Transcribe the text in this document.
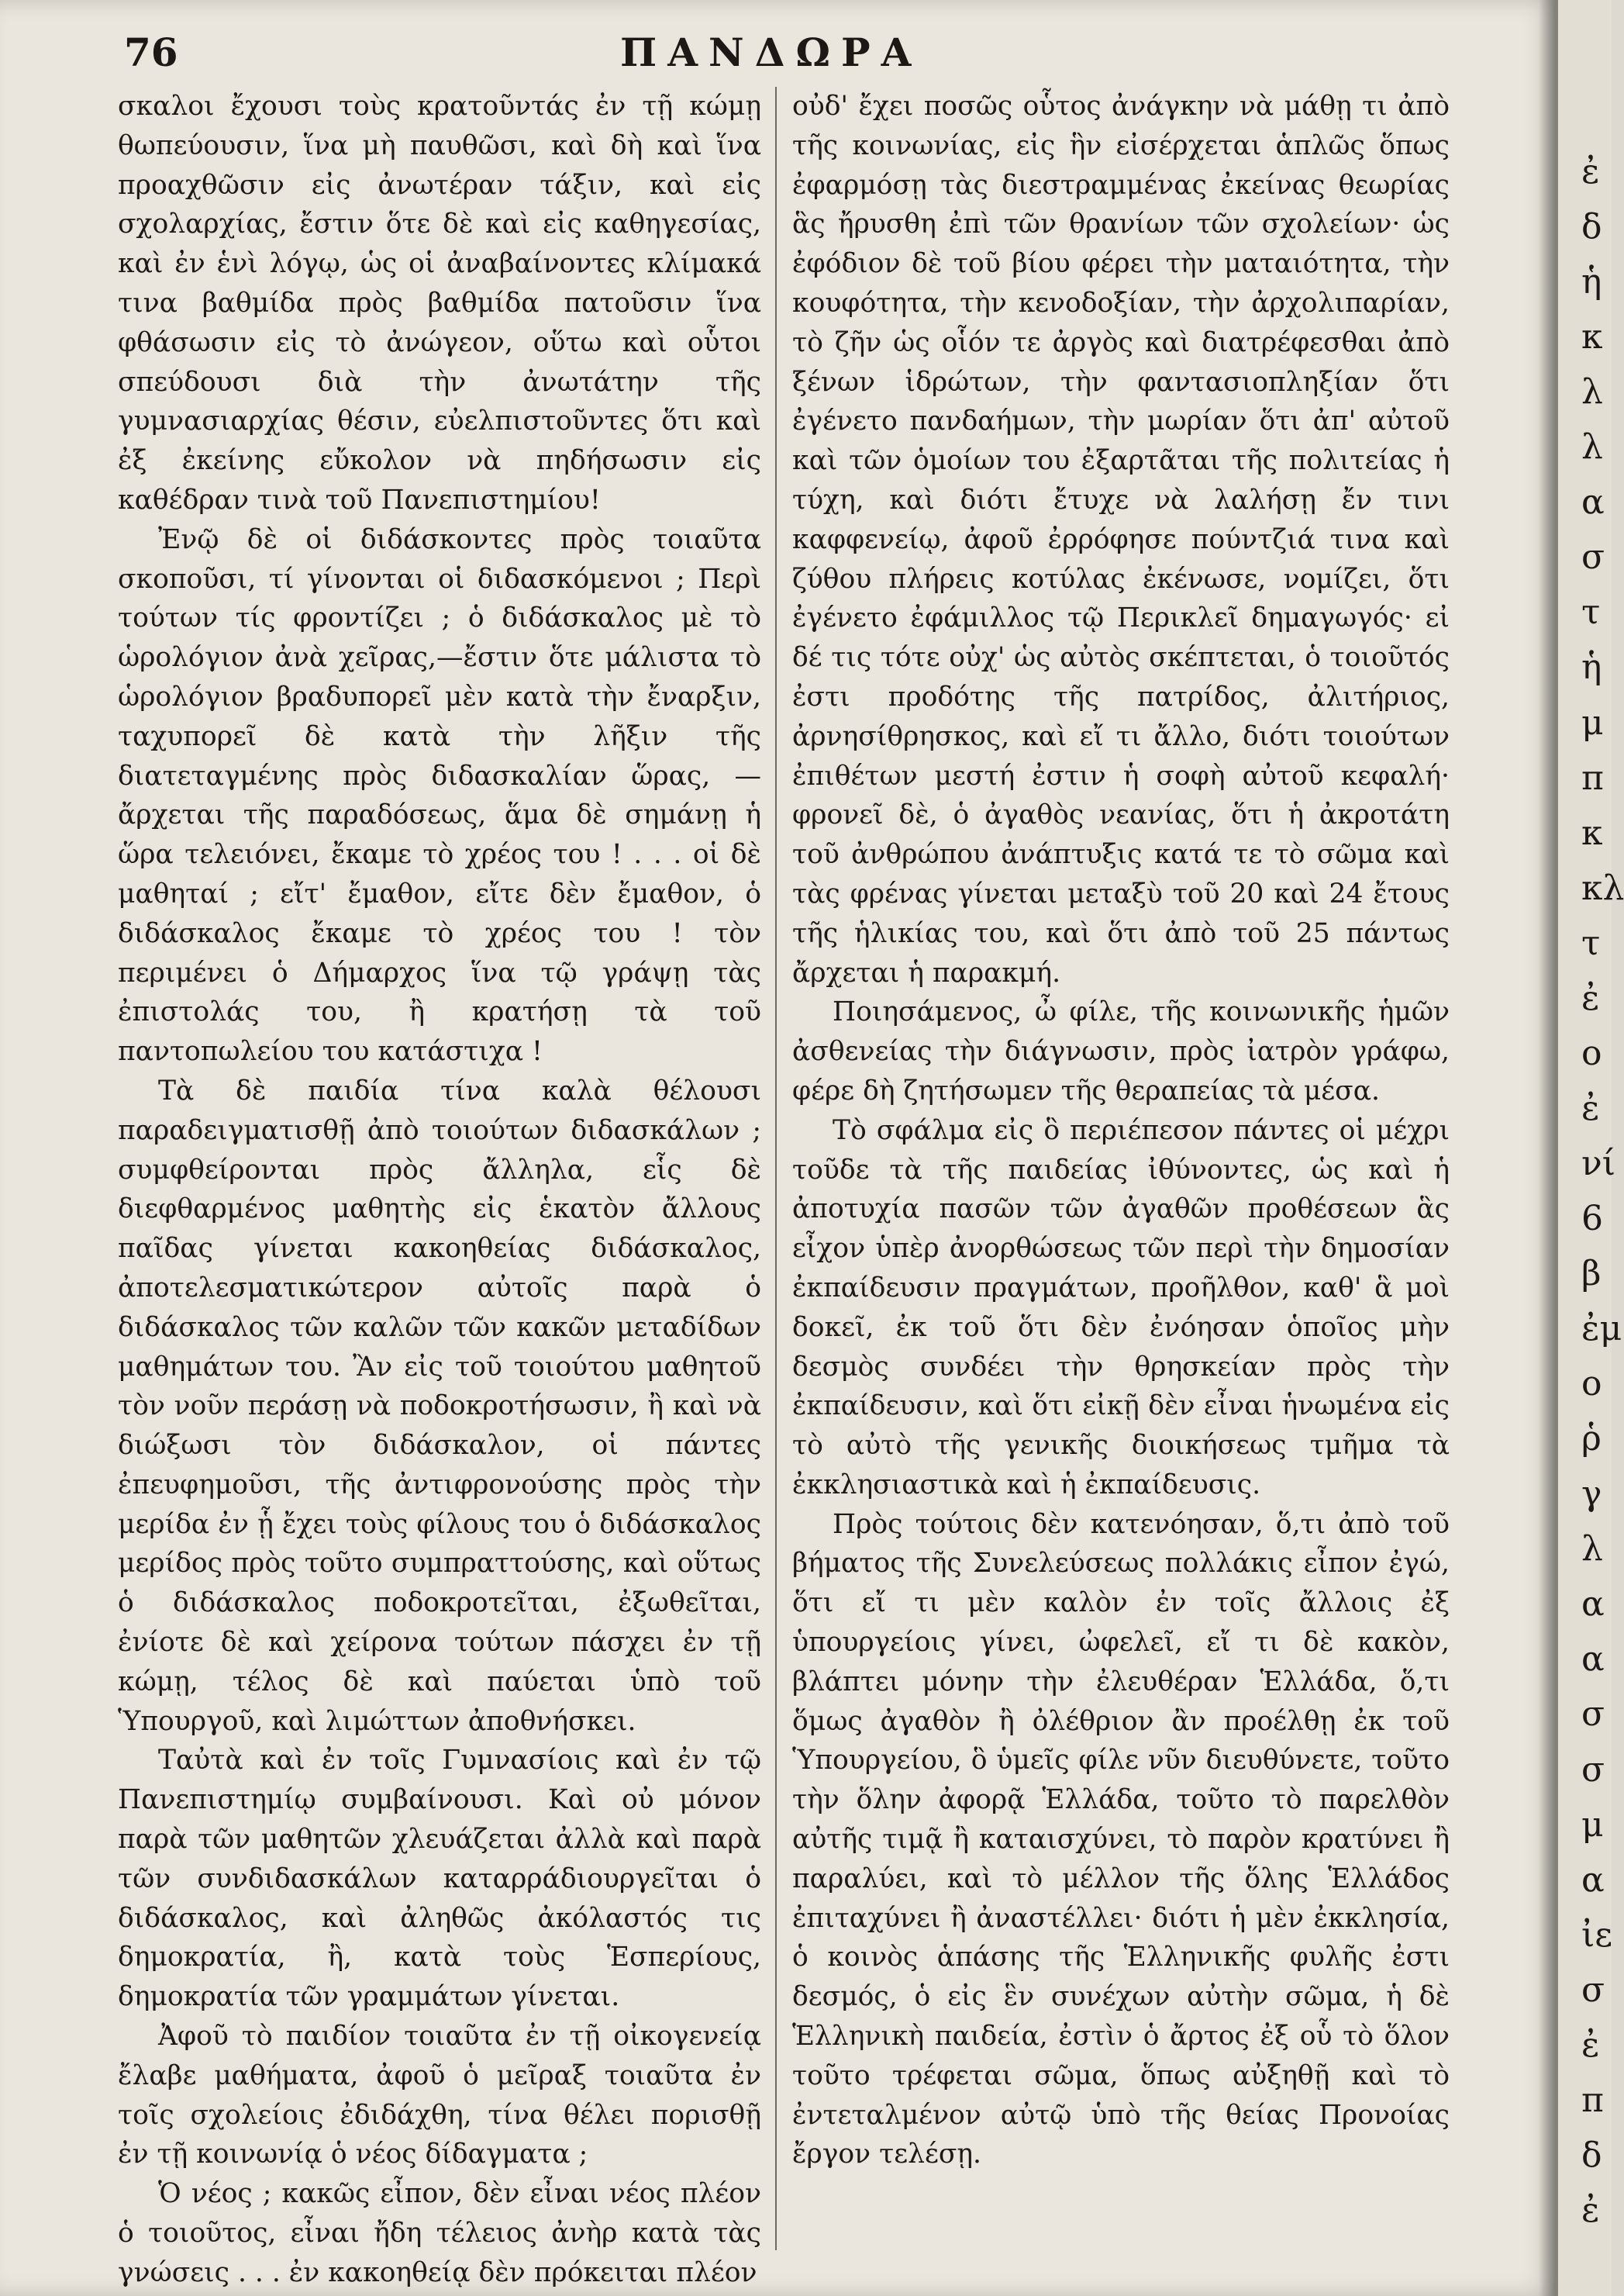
76	ΠΑΝΔΩΡΑ

σκαλοι ἔχουσι τοὺς κρατοῦντάς ἐν τῇ κώμῃ θωπεύουσιν, ἵνα μὴ παυθῶσι, καὶ δὴ καὶ ἵνα προαχθῶσιν εἰς ἀνωτέραν τάξιν, καὶ εἰς σχολαρχίας, ἔστιν ὅτε δὲ καὶ εἰς καθηγεσίας, καὶ ἐν ἑνὶ λόγῳ, ὡς οἱ ἀναβαίνοντες κλίμακά τινα βαθμίδα πρὸς βαθμίδα πατοῦσιν ἵνα φθάσωσιν εἰς τὸ ἀνώγεον, οὕτω καὶ οὗτοι σπεύδουσι διὰ τὴν ἀνωτάτην τῆς γυμνασιαρχίας θέσιν, εὐελπιστοῦντες ὅτι καὶ ἐξ ἐκείνης εὔκολον νὰ πηδήσωσιν εἰς καθέδραν τινὰ τοῦ Πανεπιστημίου!

Ἐνῷ δὲ οἱ διδάσκοντες πρὸς τοιαῦτα σκοποῦσι, τί γίνονται οἱ διδασκόμενοι ; Περὶ τούτων τίς φροντίζει ; ὁ διδάσκαλος μὲ τὸ ὡρολόγιον ἀνὰ χεῖρας,—ἔστιν ὅτε μάλιστα τὸ ὡρολόγιον βραδυπορεῖ μὲν κατὰ τὴν ἔναρξιν, ταχυπορεῖ δὲ κατὰ τὴν λῆξιν τῆς διατεταγμένης πρὸς διδασκαλίαν ὥρας, — ἄρχεται τῆς παραδόσεως, ἅμα δὲ σημάνῃ ἡ ὥρα τελειόνει, ἔκαμε τὸ χρέος του ! . . . οἱ δὲ μαθηταί ; εἴτ' ἔμαθον, εἴτε δὲν ἔμαθον, ὁ διδάσκαλος ἔκαμε τὸ χρέος του ! τὸν περιμένει ὁ Δήμαρχος ἵνα τῷ γράψῃ τὰς ἐπιστολάς του, ἢ κρατήσῃ τὰ τοῦ παντοπωλείου του κατάστιχα !

Τὰ δὲ παιδία τίνα καλὰ θέλουσι παραδειγματισθῇ ἀπὸ τοιούτων διδασκάλων ; συμφθείρονται πρὸς ἄλληλα, εἷς δὲ διεφθαρμένος μαθητὴς εἰς ἑκατὸν ἄλλους παῖδας γίνεται κακοηθείας διδάσκαλος, ἀποτελεσματικώτερον αὐτοῖς παρὰ ὁ διδάσκαλος τῶν καλῶν τῶν κακῶν μεταδίδων μαθημάτων του. Ἂν εἰς τοῦ τοιούτου μαθητοῦ τὸν νοῦν περάσῃ νὰ ποδοκροτήσωσιν, ἢ καὶ νὰ διώξωσι τὸν διδάσκαλον, οἱ πάντες ἐπευφημοῦσι, τῆς ἀντιφρονούσης πρὸς τὴν μερίδα ἐν ᾗ ἔχει τοὺς φίλους του ὁ διδάσκαλος μερίδος πρὸς τοῦτο συμπραττούσης, καὶ οὕτως ὁ διδάσκαλος ποδοκροτεῖται, ἐξωθεῖται, ἐνίοτε δὲ καὶ χείρονα τούτων πάσχει ἐν τῇ κώμῃ, τέλος δὲ καὶ παύεται ὑπὸ τοῦ Ὑπουργοῦ, καὶ λιμώττων ἀποθνήσκει.

Ταὐτὰ καὶ ἐν τοῖς Γυμνασίοις καὶ ἐν τῷ Πανεπιστημίῳ συμβαίνουσι. Καὶ οὐ μόνον παρὰ τῶν μαθητῶν χλευάζεται ἀλλὰ καὶ παρὰ τῶν συνδιδασκάλων καταρράδιουργεῖται ὁ διδάσκαλος, καὶ ἀληθῶς ἀκόλαστός τις δημοκρατία, ἢ, κατὰ τοὺς Ἑσπερίους, δημοκρατία τῶν γραμμάτων γίνεται.

Ἀφοῦ τὸ παιδίον τοιαῦτα ἐν τῇ οἰκογενείᾳ ἔλαβε μαθήματα, ἀφοῦ ὁ μεῖραξ τοιαῦτα ἐν τοῖς σχολείοις ἐδιδάχθη, τίνα θέλει πορισθῇ ἐν τῇ κοινωνίᾳ ὁ νέος δίδαγματα ;

Ὁ νέος ; κακῶς εἶπον, δὲν εἶναι νέος πλέον ὁ τοιοῦτος, εἶναι ἤδη τέλειος ἀνὴρ κατὰ τὰς γνώσεις . . . ἐν κακοηθείᾳ δὲν πρόκειται πλέον

οὐδ' ἔχει ποσῶς οὗτος ἀνάγκην νὰ μάθῃ τι ἀπὸ τῆς κοινωνίας, εἰς ἣν εἰσέρχεται ἁπλῶς ὅπως ἐφαρμόσῃ τὰς διεστραμμένας ἐκείνας θεωρίας ἃς ἤρυσθη ἐπὶ τῶν θρανίων τῶν σχολείων· ὡς ἐφόδιον δὲ τοῦ βίου φέρει τὴν ματαιότητα, τὴν κουφότητα, τὴν κενοδοξίαν, τὴν ἀρχολιπαρίαν, τὸ ζῆν ὡς οἷόν τε ἀργὸς καὶ διατρέφεσθαι ἀπὸ ξένων ἱδρώτων, τὴν φαντασιοπληξίαν ὅτι ἐγένετο πανδαήμων, τὴν μωρίαν ὅτι ἀπ' αὐτοῦ καὶ τῶν ὁμοίων του ἐξαρτᾶται τῆς πολιτείας ἡ τύχη, καὶ διότι ἔτυχε νὰ λαλήσῃ ἔν τινι καφφενείῳ, ἀφοῦ ἐρρόφησε πούντζιά τινα καὶ ζύθου πλήρεις κοτύλας ἐκένωσε, νομίζει, ὅτι ἐγένετο ἐφάμιλλος τῷ Περικλεῖ δημαγωγός· εἰ δέ τις τότε οὐχ' ὡς αὐτὸς σκέπτεται, ὁ τοιοῦτός ἐστι προδότης τῆς πατρίδος, ἀλιτήριος, ἀρνησίθρησκος, καὶ εἴ τι ἄλλο, διότι τοιούτων ἐπιθέτων μεστή ἐστιν ἡ σοφὴ αὐτοῦ κεφαλή· φρονεῖ δὲ, ὁ ἀγαθὸς νεανίας, ὅτι ἡ ἀκροτάτη τοῦ ἀνθρώπου ἀνάπτυξις κατά τε τὸ σῶμα καὶ τὰς φρένας γίνεται μεταξὺ τοῦ 20 καὶ 24 ἔτους τῆς ἡλικίας του, καὶ ὅτι ἀπὸ τοῦ 25 πάντως ἄρχεται ἡ παρακμή.

Ποιησάμενος, ὦ φίλε, τῆς κοινωνικῆς ἡμῶν ἀσθενείας τὴν διάγνωσιν, πρὸς ἰατρὸν γράφω, φέρε δὴ ζητήσωμεν τῆς θεραπείας τὰ μέσα.

Τὸ σφάλμα εἰς ὃ περιέπεσον πάντες οἱ μέχρι τοῦδε τὰ τῆς παιδείας ἰθύνοντες, ὡς καὶ ἡ ἀποτυχία πασῶν τῶν ἀγαθῶν προθέσεων ἃς εἶχον ὑπὲρ ἀνορθώσεως τῶν περὶ τὴν δημοσίαν ἐκπαίδευσιν πραγμάτων, προῆλθον, καθ' ἃ μοὶ δοκεῖ, ἐκ τοῦ ὅτι δὲν ἐνόησαν ὁποῖος μὴν δεσμὸς συνδέει τὴν θρησκείαν πρὸς τὴν ἐκπαίδευσιν, καὶ ὅτι εἰκῇ δὲν εἶναι ἡνωμένα εἰς τὸ αὐτὸ τῆς γενικῆς διοικήσεως τμῆμα τὰ ἐκκλησιαστικὰ καὶ ἡ ἐκπαίδευσις.

Πρὸς τούτοις δὲν κατενόησαν, ὅ,τι ἀπὸ τοῦ βήματος τῆς Συνελεύσεως πολλάκις εἶπον ἐγώ, ὅτι εἴ τι μὲν καλὸν ἐν τοῖς ἄλλοις ἐξ ὑπουργείοις γίνει, ὠφελεῖ, εἴ τι δὲ κακὸν, βλάπτει μόνην τὴν ἐλευθέραν Ἑλλάδα, ὅ,τι ὅμως ἀγαθὸν ἢ ὀλέθριον ἂν προέλθῃ ἐκ τοῦ Ὑπουργείου, ὃ ὑμεῖς φίλε νῦν διευθύνετε, τοῦτο τὴν ὅλην ἀφορᾷ Ἑλλάδα, τοῦτο τὸ παρελθὸν αὐτῆς τιμᾷ ἢ καταισχύνει, τὸ παρὸν κρατύνει ἢ παραλύει, καὶ τὸ μέλλον τῆς ὅλης Ἑλλάδος ἐπιταχύνει ἢ ἀναστέλλει· διότι ἡ μὲν ἐκκλησία, ὁ κοινὸς ἁπάσης τῆς Ἑλληνικῆς φυλῆς ἐστι δεσμός, ὁ εἰς ἓν συνέχων αὐτὴν σῶμα, ἡ δὲ Ἑλληνικὴ παιδεία, ἐστὶν ὁ ἄρτος ἐξ οὗ τὸ ὅλον τοῦτο τρέφεται σῶμα, ὅπως αὐξηθῇ καὶ τὸ ἐντεταλμένον αὐτῷ ὑπὸ τῆς θείας Προνοίας ἔργον τελέσῃ.

ἐ
δ
ἡ
κ
λ
λ
α
σ
τ
ἡ
μ
π
κ
κλ
τ
ἐ
ο
ἐ
νί
6
β
ἐμ
ο
ῥ
γ
λ
α
α
σ
σ
μ
α
ἰε
σ
ἐ
π
δ
ἐ
